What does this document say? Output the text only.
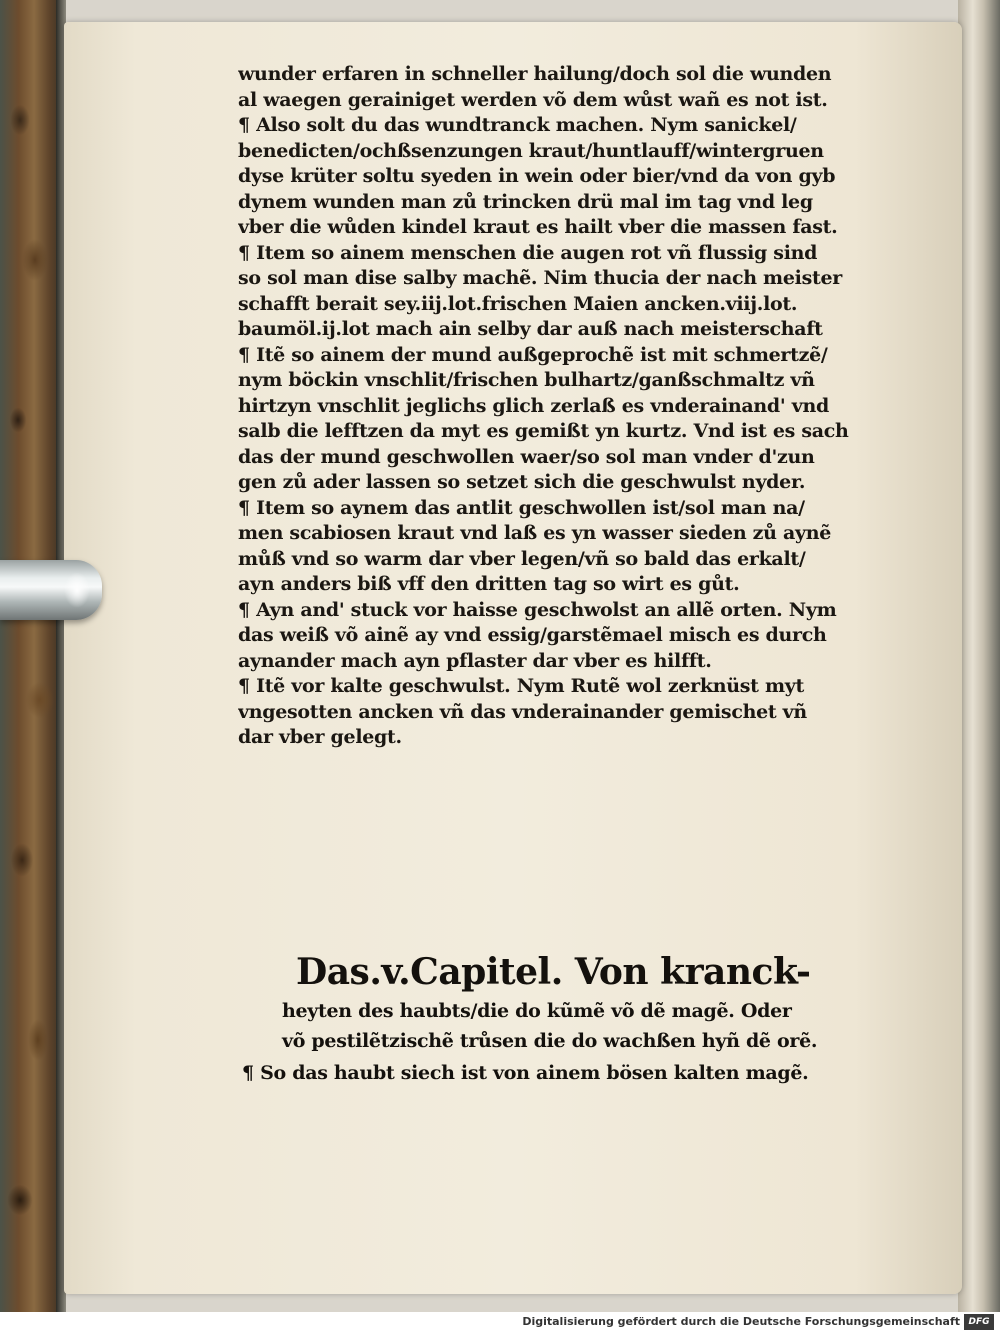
wunder erfaren in schneller hailung/doch sol die wunden
al waegen gerainiget werden võ dem wůst wañ es not ist.
¶ Also solt du das wundtranck machen. Nym sanickel/
benedicten/ochßsenzungen kraut/huntlauff/wintergruen
dyse krüter soltu syeden in wein oder bier/vnd da von gyb
dynem wunden man zů trincken drü mal im tag vnd leg
vber die wůden kindel kraut es hailt vber die massen fast.
¶ Item so ainem menschen die augen rot vñ flussig sind
so sol man dise salby machẽ. Nim thucia der nach meister
schafft berait sey.iij.lot.frischen Maien ancken.viij.lot.
baumöl.ij.lot mach ain selby dar auß nach meisterschaft
¶ Itẽ so ainem der mund außgeprochẽ ist mit schmertzẽ/
nym böckin vnschlit/frischen bulhartz/ganßschmaltz vñ
hirtzyn vnschlit jeglichs glich zerlaß es vnderainand' vnd
salb die lefftzen da myt es gemißt yn kurtz. Vnd ist es sach
das der mund geschwollen waer/so sol man vnder d'zun
gen zů ader lassen so setzet sich die geschwulst nyder.
¶ Item so aynem das antlit geschwollen ist/sol man na/
men scabiosen kraut vnd laß es yn wasser sieden zů aynẽ
můß vnd so warm dar vber legen/vñ so bald das erkalt/
ayn anders biß vff den dritten tag so wirt es gůt.
¶ Ayn and' stuck vor haisse geschwolst an allẽ orten. Nym
das weiß võ ainẽ ay vnd essig/garstẽmael misch es durch
aynander mach ayn pflaster dar vber es hilfft.
¶ Itẽ vor kalte geschwulst. Nym Rutẽ wol zerknüst myt
vngesotten ancken vñ das vnderainander gemischet vñ
dar vber gelegt.
Das.v.Capitel. Von kranck-
heyten des haubts/die do kũmẽ võ dẽ magẽ. Oder
võ pestilẽtzischẽ trůsen die do wachßen hyñ dẽ orẽ.
¶ So das haubt siech ist von ainem bösen kalten magẽ.
Digitalisierung gefördert durch die Deutsche Forschungsgemeinschaft DFG
